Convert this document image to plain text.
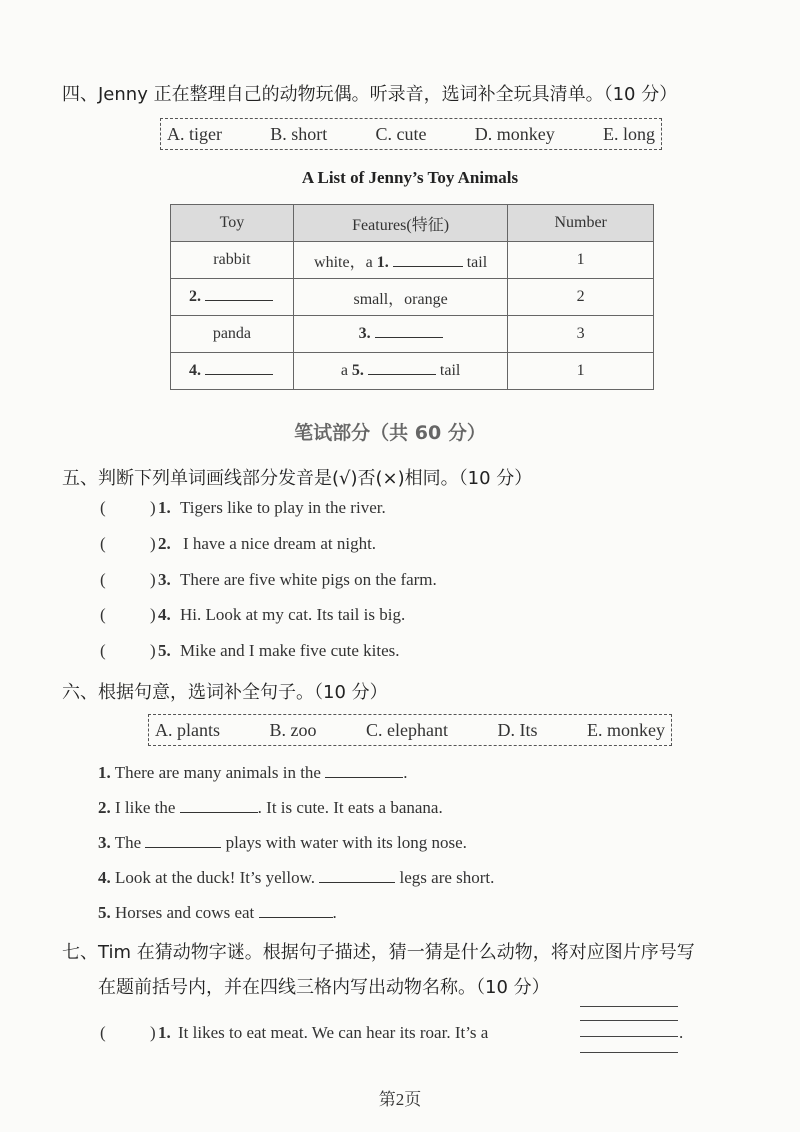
四、Jenny 正在整理自己的动物玩偶。听录音，选词补全玩具清单。（10 分）
A. tiger	B. short	C. cute	D. monkey	E. long
A List of Jenny’s Toy Animals
Toy	Features(特征)	Number
rabbit	white，a 1. tail	1
2.	small，orange	2
panda	3.	3
4.	a 5. tail	1
笔试部分（共 60 分）
五、判断下列单词画线部分发音是(√)否(×)相同。（10 分）
(	) 1. Tigers like to play in the river.
(	) 2. I have a nice dream at night.
(	) 3. There are five white pigs on the farm.
(	) 4. Hi. Look at my cat. Its tail is big.
(	) 5. Mike and I make five cute kites.
六、根据句意，选词补全句子。（10 分）
A. plants	B. zoo	C. elephant	D. Its	E. monkey
1. There are many animals in the	.
2. I like the	. It is cute. It eats a banana.
3. The	plays with water with its long nose.
4. Look at the duck! It’s yellow.	legs are short.
5. Horses and cows eat	.
七、Tim 在猜动物字谜。根据句子描述，猜一猜是什么动物，将对应图片序号写
在题前括号内，并在四线三格内写出动物名称。（10 分）
(	) 1. It likes to eat meat. We can hear its roar. It’s a	.
第2页
